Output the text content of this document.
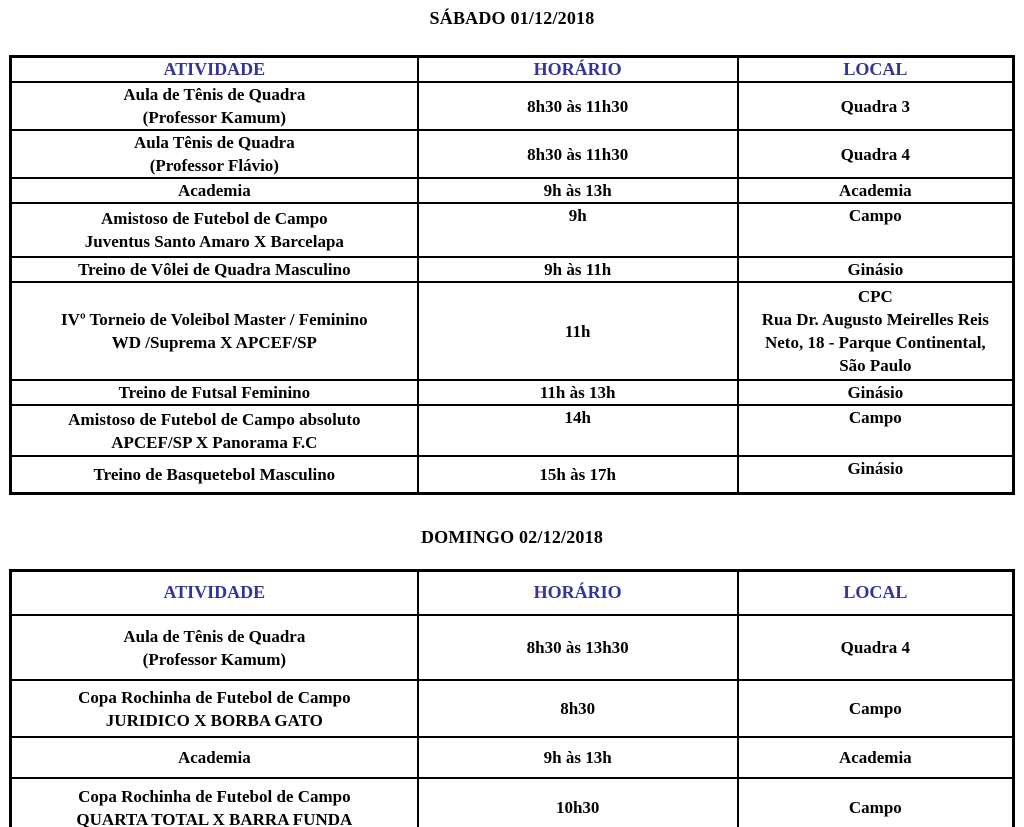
SÁBADO 01/12/2018
ATIVIDADE	HORÁRIO	LOCAL
Aula de Tênis de Quadra
(Professor Kamum)	8h30 às 11h30	Quadra 3
Aula Tênis de Quadra
(Professor Flávio)	8h30 às 11h30	Quadra 4
Academia	9h às 13h	Academia
Amistoso de Futebol de Campo
Juventus Santo Amaro X Barcelapa	9h	Campo
Treino de Vôlei de Quadra Masculino	9h às 11h	Ginásio
IVº Torneio de Voleibol Master / Feminino
WD /Suprema X APCEF/SP	11h	CPC
Rua Dr. Augusto Meirelles Reis
Neto, 18 - Parque Continental,
São Paulo
Treino de Futsal Feminino	11h às 13h	Ginásio
Amistoso de Futebol de Campo absoluto
APCEF/SP X Panorama F.C	14h	Campo
Treino de Basquetebol Masculino	15h às 17h	Ginásio
DOMINGO 02/12/2018
ATIVIDADE	HORÁRIO	LOCAL
Aula de Tênis de Quadra
(Professor Kamum)	8h30 às 13h30	Quadra 4
Copa Rochinha de Futebol de Campo
JURIDICO X BORBA GATO	8h30	Campo
Academia	9h às 13h	Academia
Copa Rochinha de Futebol de Campo
QUARTA TOTAL X BARRA FUNDA	10h30	Campo
